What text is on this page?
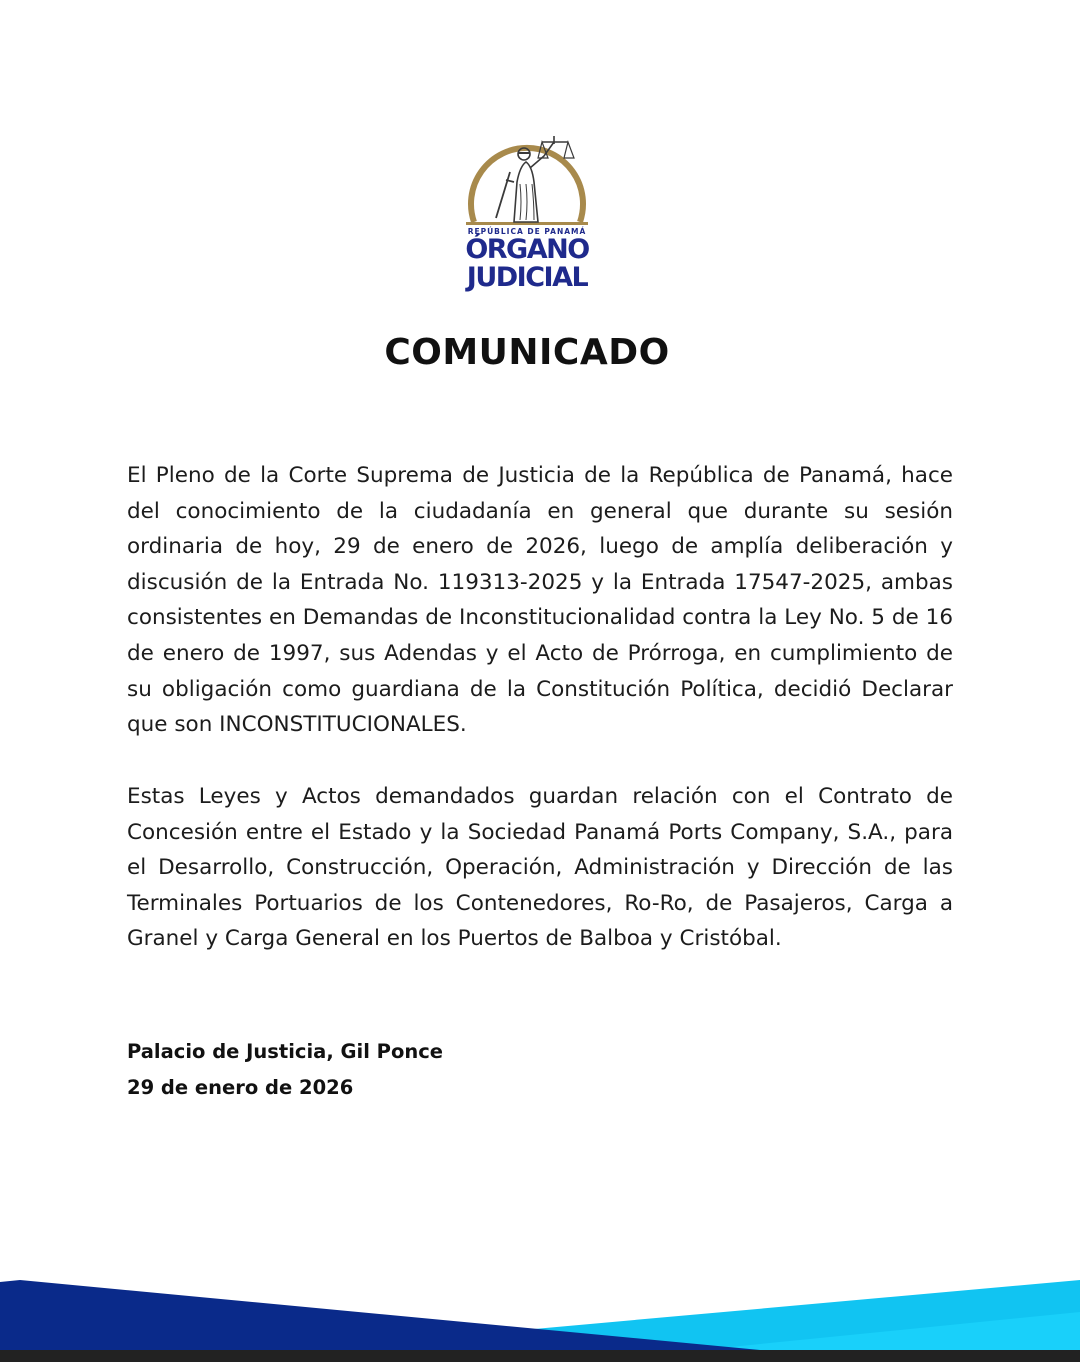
REPÚBLICA DE PANAMÁ
ÓRGANO
JUDICIAL
COMUNICADO

El Pleno de la Corte Suprema de Justicia de la República de Panamá, hace del conocimiento de la ciudadanía en general que durante su sesión ordinaria de hoy, 29 de enero de 2026, luego de amplía deliberación y discusión de la Entrada No. 119313-2025 y la Entrada 17547-2025, ambas consistentes en Demandas de Inconstitucionalidad contra la Ley No. 5 de 16 de enero de 1997, sus Adendas y el Acto de Prórroga, en cumplimiento de su obligación como guardiana de la Constitución Política, decidió Declarar que son INCONSTITUCIONALES.

Estas Leyes y Actos demandados guardan relación con el Contrato de Concesión entre el Estado y la Sociedad Panamá Ports Company, S.A., para el Desarrollo, Construcción, Operación, Administración y Dirección de las Terminales Portuarios de los Contenedores, Ro-Ro, de Pasajeros, Carga a Granel y Carga General en los Puertos de Balboa y Cristóbal.

Palacio de Justicia, Gil Ponce
29 de enero de 2026
